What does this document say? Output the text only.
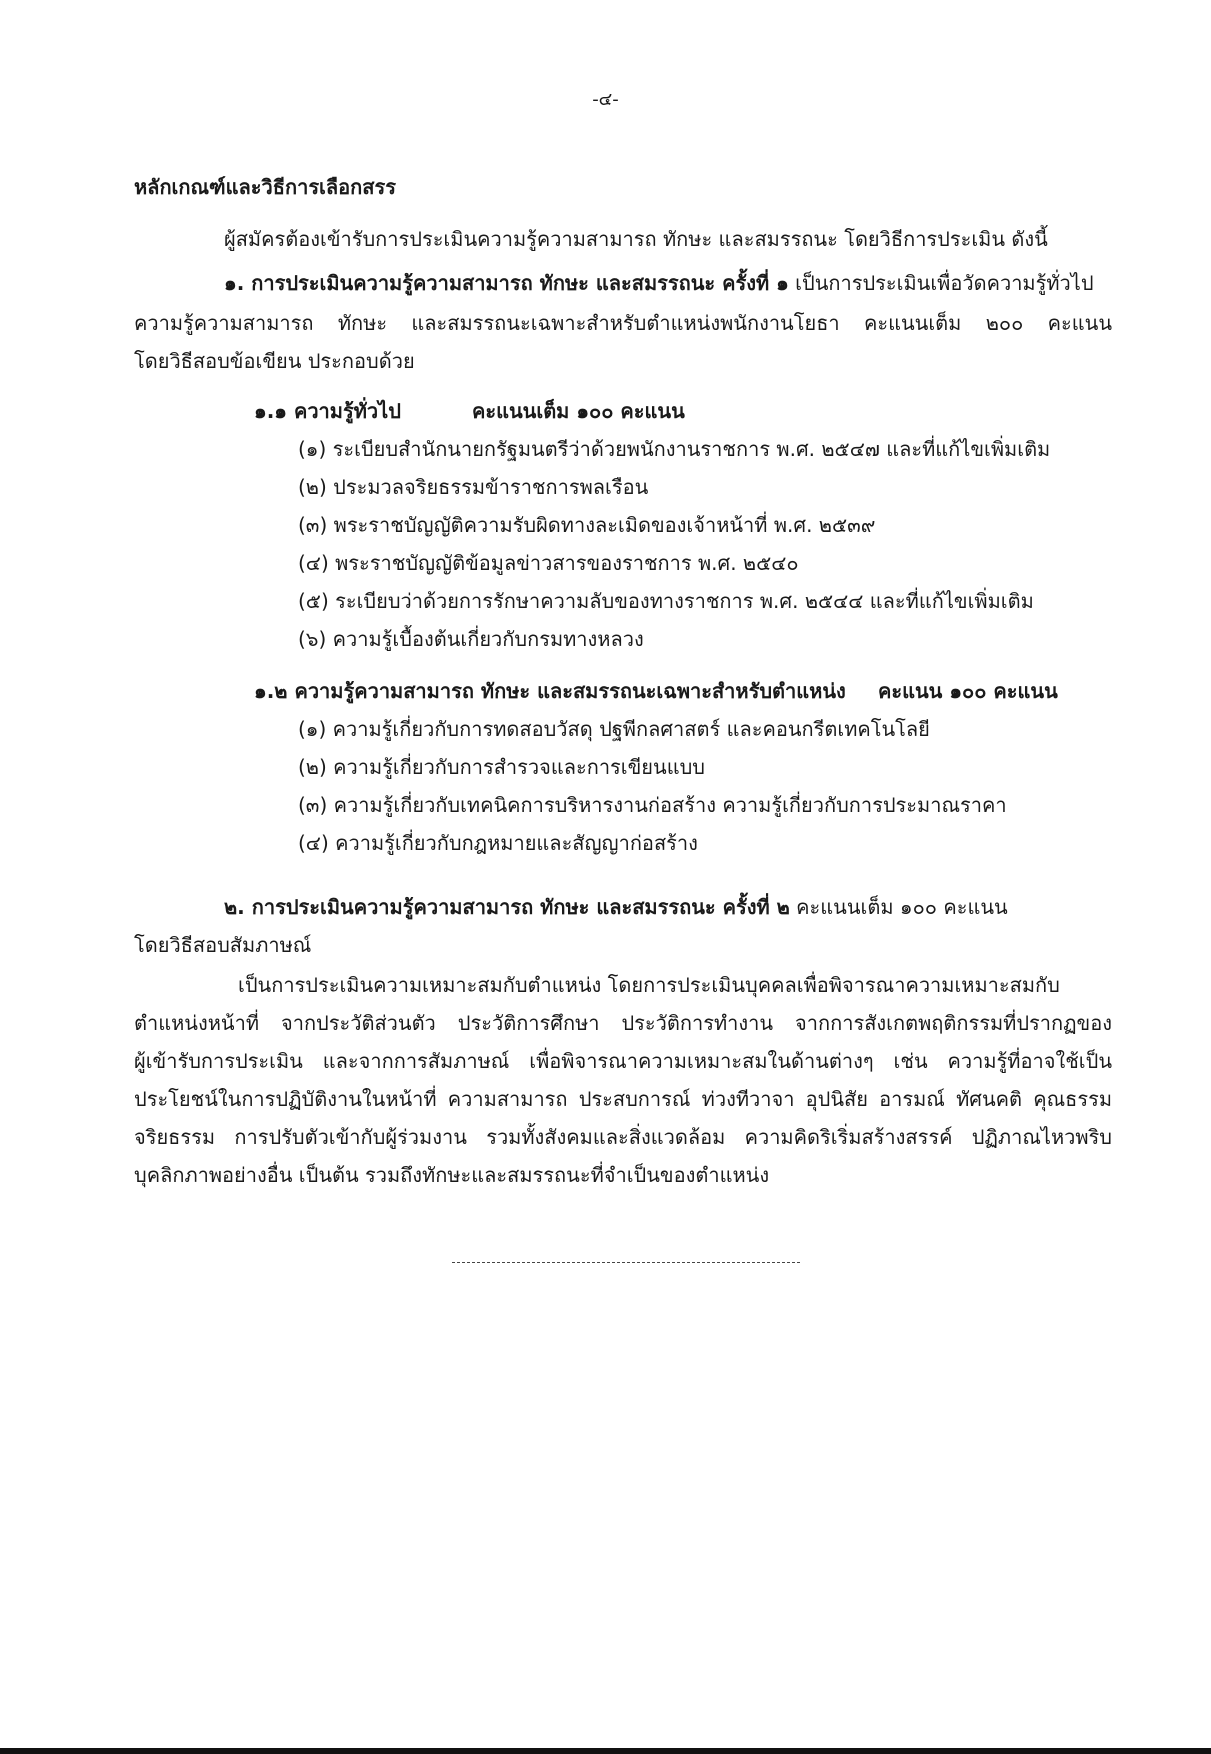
-๔-
หลักเกณฑ์และวิธีการเลือกสรร
ผู้สมัครต้องเข้ารับการประเมินความรู้ความสามารถ ทักษะ และสมรรถนะ โดยวิธีการประเมิน ดังนี้
๑. การประเมินความรู้ความสามารถ ทักษะ และสมรรถนะ ครั้งที่ ๑ เป็นการประเมินเพื่อวัดความรู้ทั่วไป
ความรู้ความสามารถ ทักษะ และสมรรถนะเฉพาะสำหรับตำแหน่งพนักงานโยธา คะแนนเต็ม ๒๐๐ คะแนน
โดยวิธีสอบข้อเขียน ประกอบด้วย
๑.๑ ความรู้ทั่วไป	คะแนนเต็ม ๑๐๐ คะแนน
(๑) ระเบียบสำนักนายกรัฐมนตรีว่าด้วยพนักงานราชการ พ.ศ. ๒๕๔๗ และที่แก้ไขเพิ่มเติม
(๒) ประมวลจริยธรรมข้าราชการพลเรือน
(๓) พระราชบัญญัติความรับผิดทางละเมิดของเจ้าหน้าที่ พ.ศ. ๒๕๓๙
(๔) พระราชบัญญัติข้อมูลข่าวสารของราชการ พ.ศ. ๒๕๔๐
(๕) ระเบียบว่าด้วยการรักษาความลับของทางราชการ พ.ศ. ๒๕๔๔ และที่แก้ไขเพิ่มเติม
(๖) ความรู้เบื้องต้นเกี่ยวกับกรมทางหลวง
๑.๒ ความรู้ความสามารถ ทักษะ และสมรรถนะเฉพาะสำหรับตำแหน่ง คะแนน ๑๐๐ คะแนน
(๑) ความรู้เกี่ยวกับการทดสอบวัสดุ ปฐพีกลศาสตร์ และคอนกรีตเทคโนโลยี
(๒) ความรู้เกี่ยวกับการสำรวจและการเขียนแบบ
(๓) ความรู้เกี่ยวกับเทคนิคการบริหารงานก่อสร้าง ความรู้เกี่ยวกับการประมาณราคา
(๔) ความรู้เกี่ยวกับกฎหมายและสัญญาก่อสร้าง
๒. การประเมินความรู้ความสามารถ ทักษะ และสมรรถนะ ครั้งที่ ๒ คะแนนเต็ม ๑๐๐ คะแนน
โดยวิธีสอบสัมภาษณ์
เป็นการประเมินความเหมาะสมกับตำแหน่ง โดยการประเมินบุคคลเพื่อพิจารณาความเหมาะสมกับ
ตำแหน่งหน้าที่ จากประวัติส่วนตัว ประวัติการศึกษา ประวัติการทำงาน จากการสังเกตพฤติกรรมที่ปรากฏของ
ผู้เข้ารับการประเมิน และจากการสัมภาษณ์ เพื่อพิจารณาความเหมาะสมในด้านต่างๆ เช่น ความรู้ที่อาจใช้เป็น
ประโยชน์ในการปฏิบัติงานในหน้าที่ ความสามารถ ประสบการณ์ ท่วงทีวาจา อุปนิสัย อารมณ์ ทัศนคติ คุณธรรม
จริยธรรม การปรับตัวเข้ากับผู้ร่วมงาน รวมทั้งสังคมและสิ่งแวดล้อม ความคิดริเริ่มสร้างสรรค์ ปฏิภาณไหวพริบ
บุคลิกภาพอย่างอื่น เป็นต้น รวมถึงทักษะและสมรรถนะที่จำเป็นของตำแหน่ง
